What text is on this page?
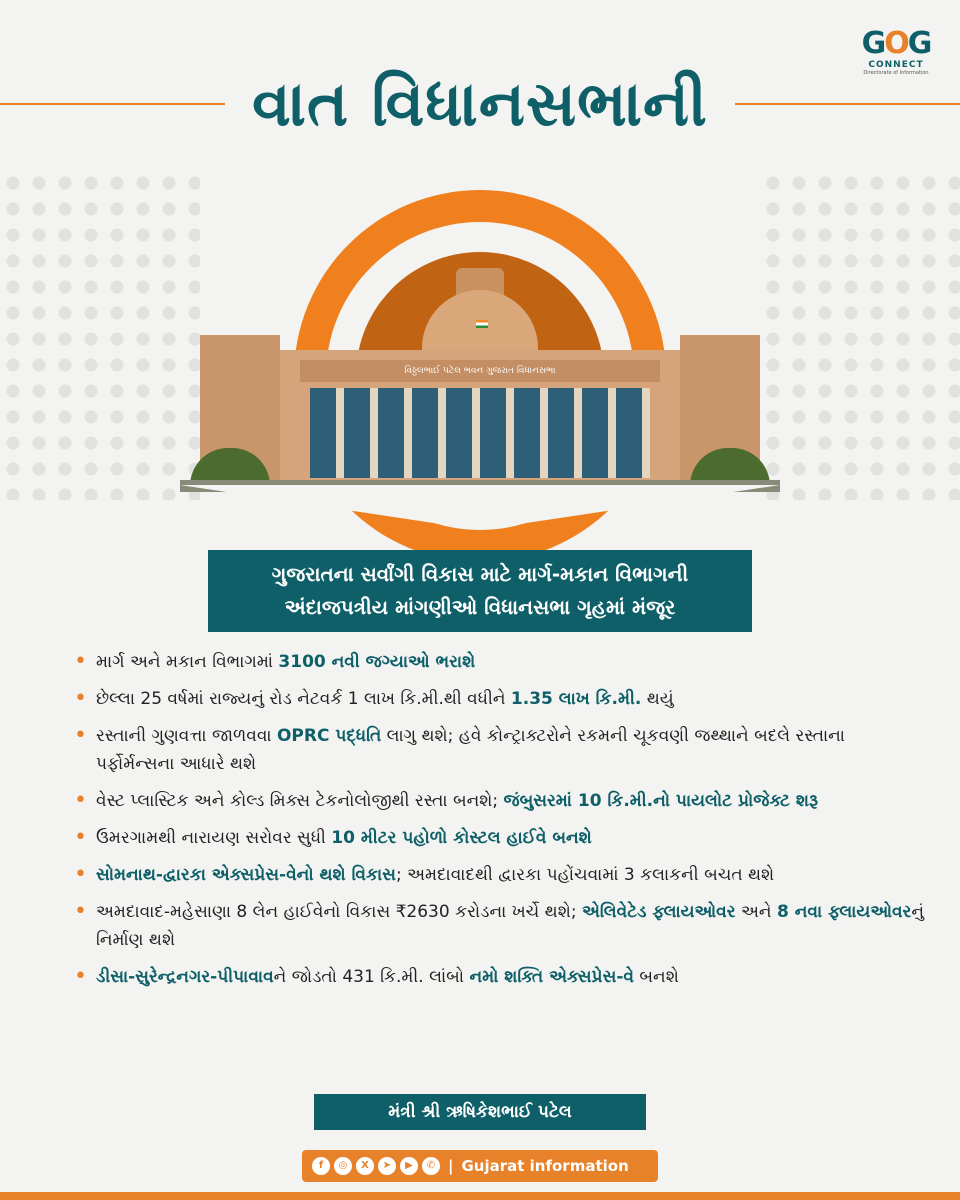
વાત વિધાનસભાની
GOG
CONNECT
Directorate of Information
વિઠ્ઠલભાઈ પટેલ ભવન ગુજરાત વિધાનસભા
ગુજરાતના સર્વાંગી વિકાસ માટે માર્ગ-મકાન વિભાગની
અંદાજપત્રીય માંગણીઓ વિધાનસભા ગૃહમાં મંજૂર
• માર્ગ અને મકાન વિભાગમાં 3100 નવી જગ્યાઓ ભરાશે
• છેલ્લા 25 વર્ષમાં રાજ્યનું રોડ નેટવર્ક 1 લાખ કિ.મી.થી વધીને 1.35 લાખ કિ.મી. થયું
• રસ્તાની ગુણવત્તા જાળવવા OPRC પદ્ધતિ લાગુ થશે; હવે કોન્ટ્રાક્ટરોને રકમની ચૂકવણી જથ્થાને બદલે રસ્તાના પર્ફોર્મન્સના આધારે થશે
• વેસ્ટ પ્લાસ્ટિક અને કોલ્ડ મિક્સ ટેકનોલોજીથી રસ્તા બનશે; જંબુસરમાં 10 કિ.મી.નો પાયલોટ પ્રોજેક્ટ શરૂ
• ઉમરગામથી નારાયણ સરોવર સુધી 10 મીટર પહોળો કોસ્ટલ હાઈવે બનશે
• સોમનાથ-દ્વારકા એક્સપ્રેસ-વેનો થશે વિકાસ; અમદાવાદથી દ્વારકા પહોંચવામાં 3 કલાકની બચત થશે
• અમદાવાદ-મહેસાણા 8 લેન હાઈવેનો વિકાસ ₹2630 કરોડના ખર્ચે થશે; એલિવેટેડ ફ્લાયઓવર અને 8 નવા ફ્લાયઓવરનું નિર્માણ થશે
• ડીસા-સુરેન્દ્રનગર-પીપાવાવને જોડતો 431 કિ.મી. લાંબો નમો શક્તિ એક્સપ્રેસ-વે બનશે
મંત્રી શ્રી ઋષિકેશભાઈ પટેલ
f	◎	X	➤	▶	✆ | Gujarat information
